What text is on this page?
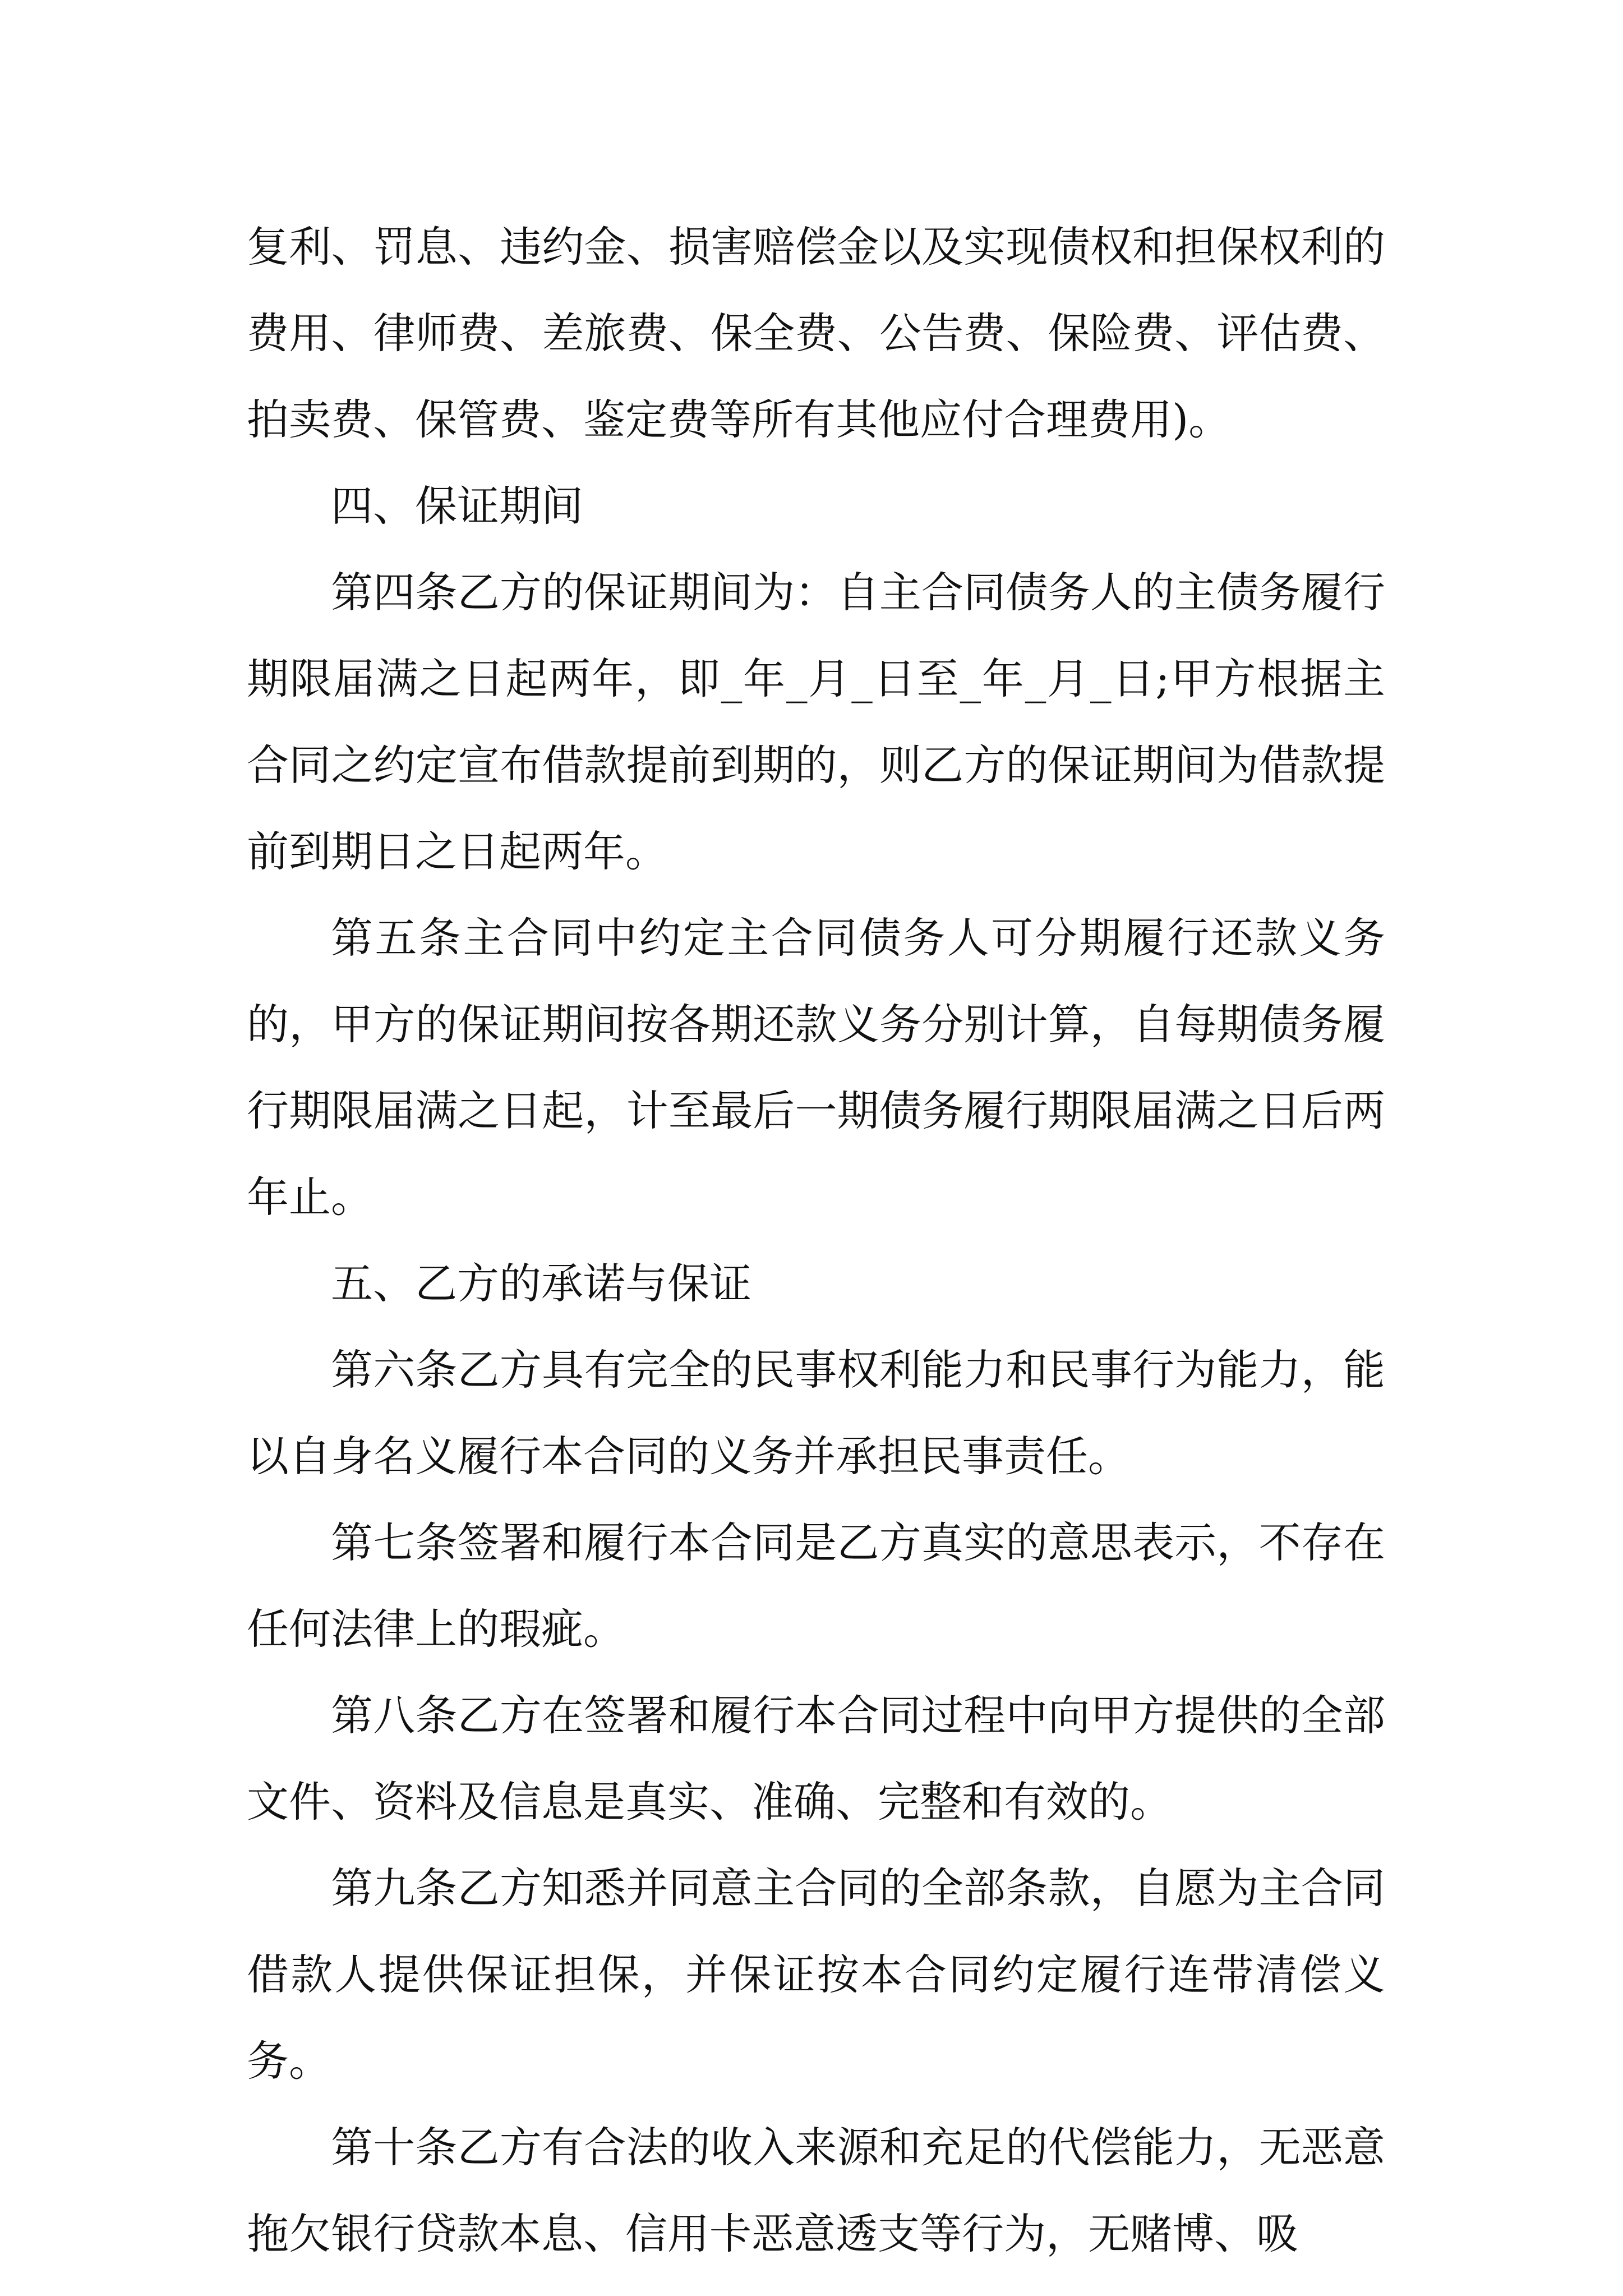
复利、罚息、违约金、损害赔偿金以及实现债权和担保权利的费用、律师费、差旅费、保全费、公告费、保险费、评估费、拍卖费、保管费、鉴定费等所有其他应付合理费用)。

四、保证期间

第四条乙方的保证期间为：自主合同债务人的主债务履行期限届满之日起两年，即_年_月_日至_年_月_日;甲方根据主合同之约定宣布借款提前到期的，则乙方的保证期间为借款提前到期日之日起两年。

第五条主合同中约定主合同债务人可分期履行还款义务的，甲方的保证期间按各期还款义务分别计算，自每期债务履行期限届满之日起，计至最后一期债务履行期限届满之日后两年止。

五、乙方的承诺与保证

第六条乙方具有完全的民事权利能力和民事行为能力，能以自身名义履行本合同的义务并承担民事责任。

第七条签署和履行本合同是乙方真实的意思表示，不存在任何法律上的瑕疵。

第八条乙方在签署和履行本合同过程中向甲方提供的全部文件、资料及信息是真实、准确、完整和有效的。

第九条乙方知悉并同意主合同的全部条款，自愿为主合同借款人提供保证担保，并保证按本合同约定履行连带清偿义务。

第十条乙方有合法的收入来源和充足的代偿能力，无恶意拖欠银行贷款本息、信用卡恶意透支等行为，无赌博、吸
